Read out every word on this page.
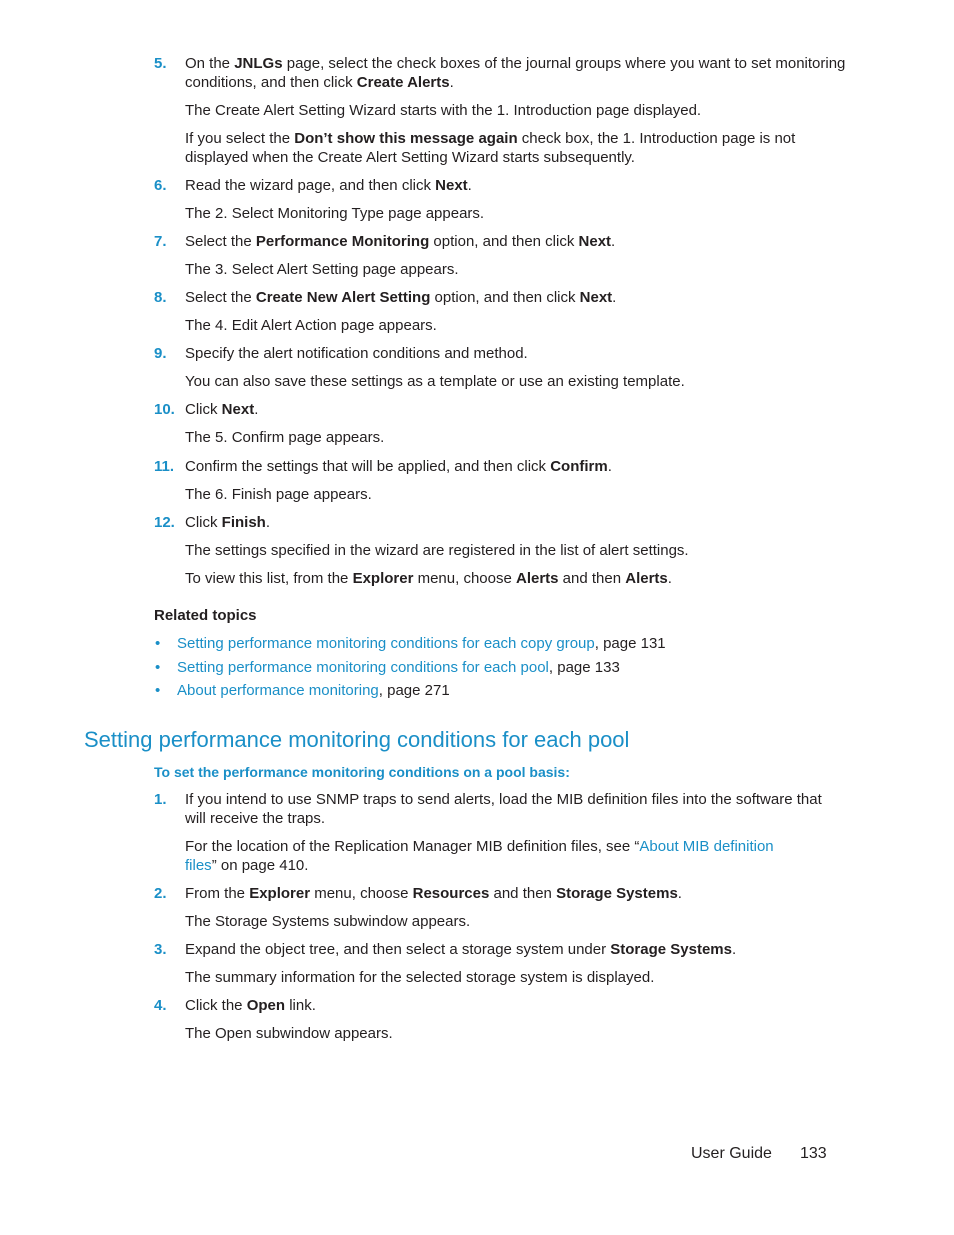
5. On the JNLGs page, select the check boxes of the journal groups where you want to set monitoring
conditions, and then click Create Alerts.
The Create Alert Setting Wizard starts with the 1. Introduction page displayed.
If you select the Don’t show this message again check box, the 1. Introduction page is not
displayed when the Create Alert Setting Wizard starts subsequently.
6. Read the wizard page, and then click Next.
The 2. Select Monitoring Type page appears.
7. Select the Performance Monitoring option, and then click Next.
The 3. Select Alert Setting page appears.
8. Select the Create New Alert Setting option, and then click Next.
The 4. Edit Alert Action page appears.
9. Specify the alert notification conditions and method.
You can also save these settings as a template or use an existing template.
10. Click Next.
The 5. Confirm page appears.
11. Confirm the settings that will be applied, and then click Confirm.
The 6. Finish page appears.
12. Click Finish.
The settings specified in the wizard are registered in the list of alert settings.
To view this list, from the Explorer menu, choose Alerts and then Alerts.
Related topics
• Setting performance monitoring conditions for each copy group, page 131
• Setting performance monitoring conditions for each pool, page 133
• About performance monitoring, page 271
Setting performance monitoring conditions for each pool
To set the performance monitoring conditions on a pool basis:
1. If you intend to use SNMP traps to send alerts, load the MIB definition files into the software that
will receive the traps.
For the location of the Replication Manager MIB definition files, see “About MIB definition
files” on page 410.
2. From the Explorer menu, choose Resources and then Storage Systems.
The Storage Systems subwindow appears.
3. Expand the object tree, and then select a storage system under Storage Systems.
The summary information for the selected storage system is displayed.
4. Click the Open link.
The Open subwindow appears.
User Guide 133
